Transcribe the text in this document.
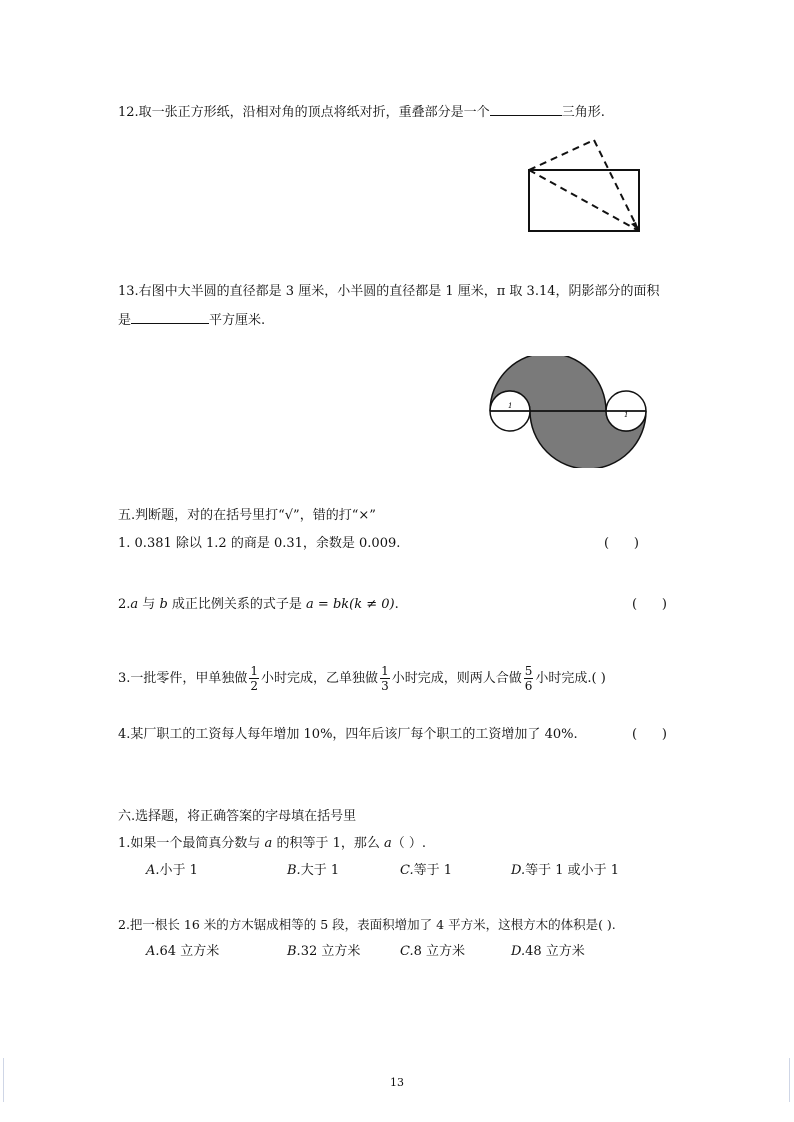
12.取一张正方形纸，沿相对角的顶点将纸对折，重叠部分是一个	三角形.
13.右图中大半圆的直径都是 3 厘米，小半圆的直径都是 1 厘米，π 取 3.14，阴影部分的面积
是	平方厘米.
1
1
五.判断题，对的在括号里打“√”，错的打“×”
1. 0.381 除以 1.2 的商是 0.31，余数是 0.009.	(      )
2.a 与 b 成正比例关系的式子是 a = bk(k ≠ 0).	(      )
3.一批零件，甲单独做 $\frac{1}{2}$ 小时完成，乙单独做 $\frac{1}{3}$ 小时完成，则两人合做 $\frac{5}{6}$ 小时完成.( )
4.某厂职工的工资每人每年增加 10%，四年后该厂每个职工的工资增加了 40%.	(      )
六.选择题，将正确答案的字母填在括号里
1.如果一个最简真分数与 a 的积等于 1，那么 a（ ）.
A.小于 1	B.大于 1	C.等于 1	D.等于 1 或小于 1
2.把一根长 16 米的方木锯成相等的 5 段，表面积增加了 4 平方米，这根方木的体积是( ).
A.64 立方米	B.32 立方米	C.8 立方米	D.48 立方米
13
